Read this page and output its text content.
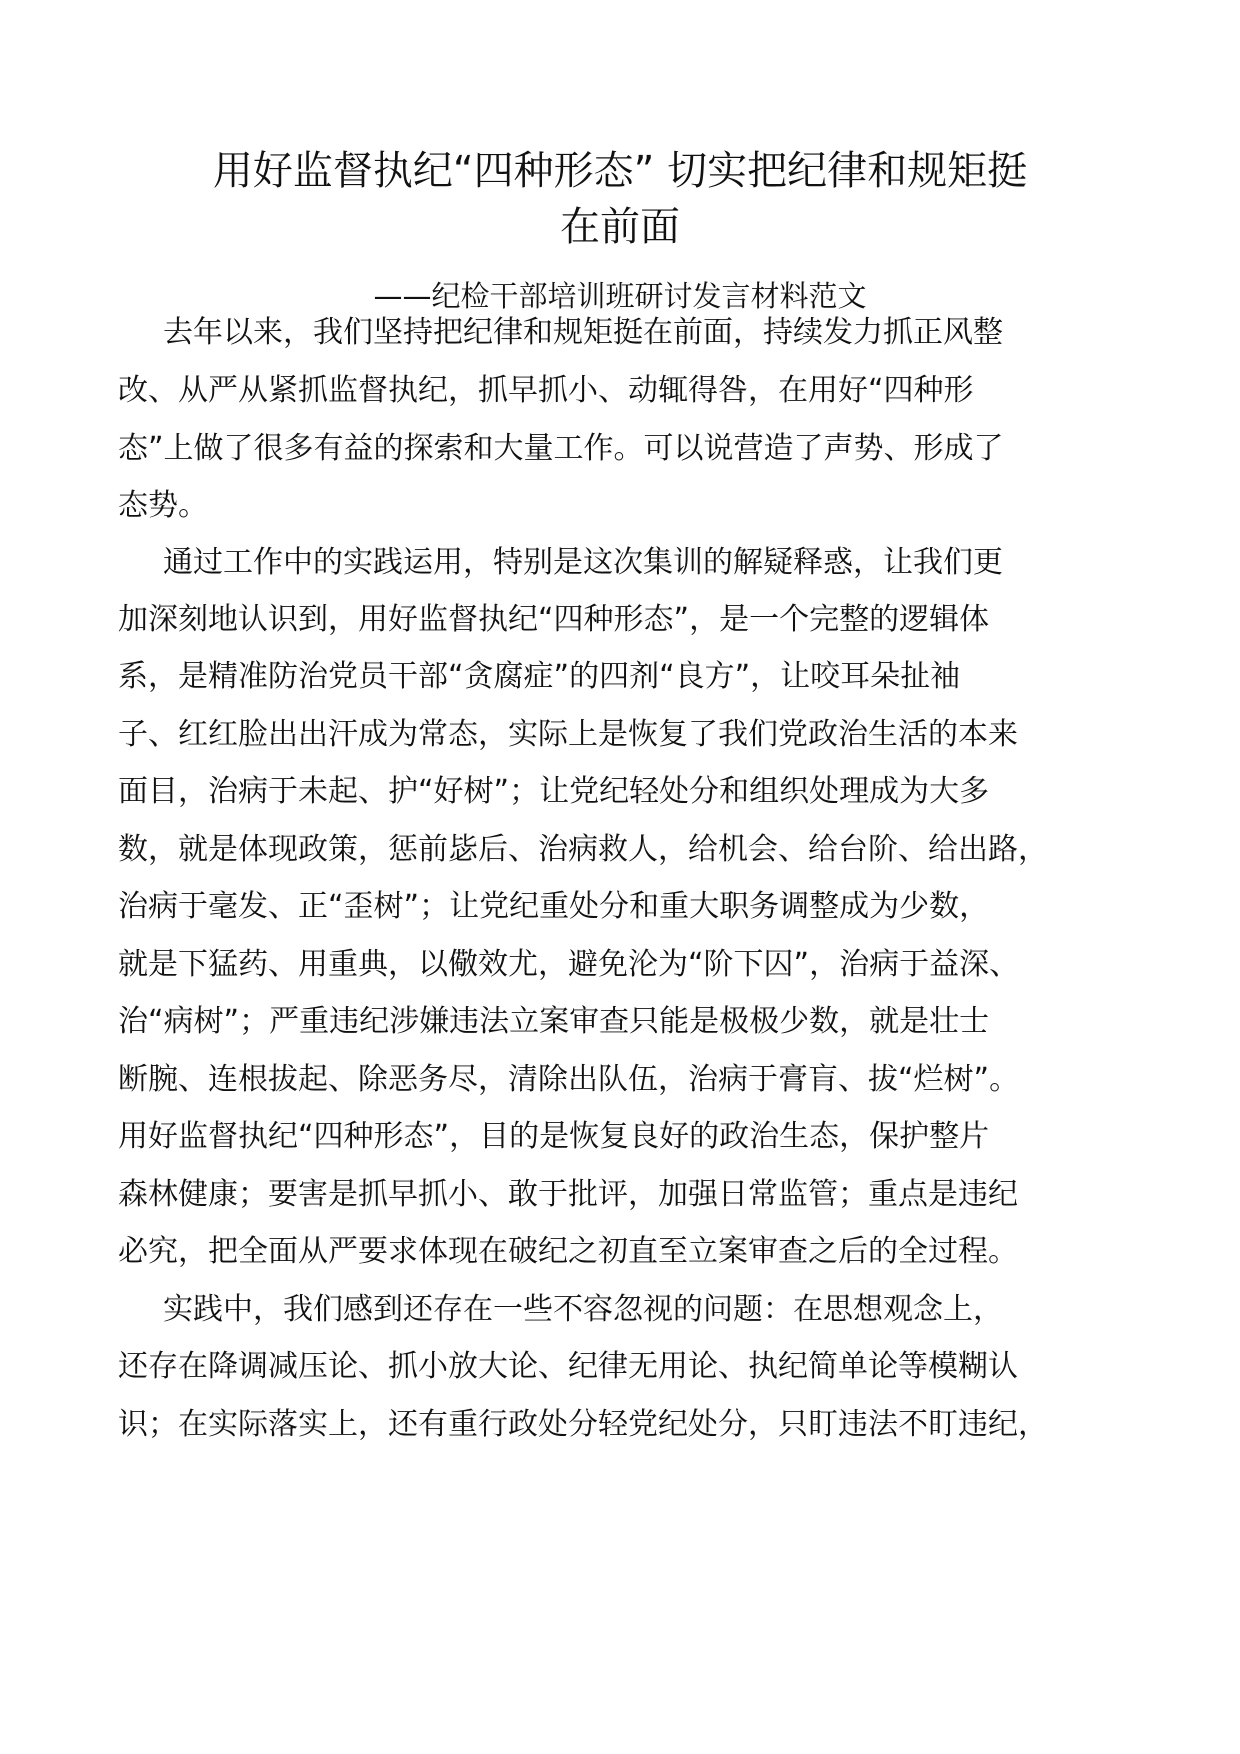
用好监督执纪“四种形态” 切实把纪律和规矩挺
在前面
——纪检干部培训班研讨发言材料范文
去年以来，我们坚持把纪律和规矩挺在前面，持续发力抓正风整
改、从严从紧抓监督执纪，抓早抓小、动辄得咎，在用好“四种形
态”上做了很多有益的探索和大量工作。可以说营造了声势、形成了
态势。
通过工作中的实践运用，特别是这次集训的解疑释惑，让我们更
加深刻地认识到，用好监督执纪“四种形态”，是一个完整的逻辑体
系，是精准防治党员干部“贪腐症”的四剂“良方”，让咬耳朵扯袖
子、红红脸出出汗成为常态，实际上是恢复了我们党政治生活的本来
面目，治病于未起、护“好树”；让党纪轻处分和组织处理成为大多
数，就是体现政策，惩前毖后、治病救人，给机会、给台阶、给出路，
治病于毫发、正“歪树”；让党纪重处分和重大职务调整成为少数，
就是下猛药、用重典，以儆效尤，避免沦为“阶下囚”，治病于益深、
治“病树”；严重违纪涉嫌违法立案审查只能是极极少数，就是壮士
断腕、连根拔起、除恶务尽，清除出队伍，治病于膏肓、拔“烂树”。
用好监督执纪“四种形态”，目的是恢复良好的政治生态，保护整片
森林健康；要害是抓早抓小、敢于批评，加强日常监管；重点是违纪
必究，把全面从严要求体现在破纪之初直至立案审查之后的全过程。
实践中，我们感到还存在一些不容忽视的问题：在思想观念上，
还存在降调减压论、抓小放大论、纪律无用论、执纪简单论等模糊认
识；在实际落实上，还有重行政处分轻党纪处分，只盯违法不盯违纪，
